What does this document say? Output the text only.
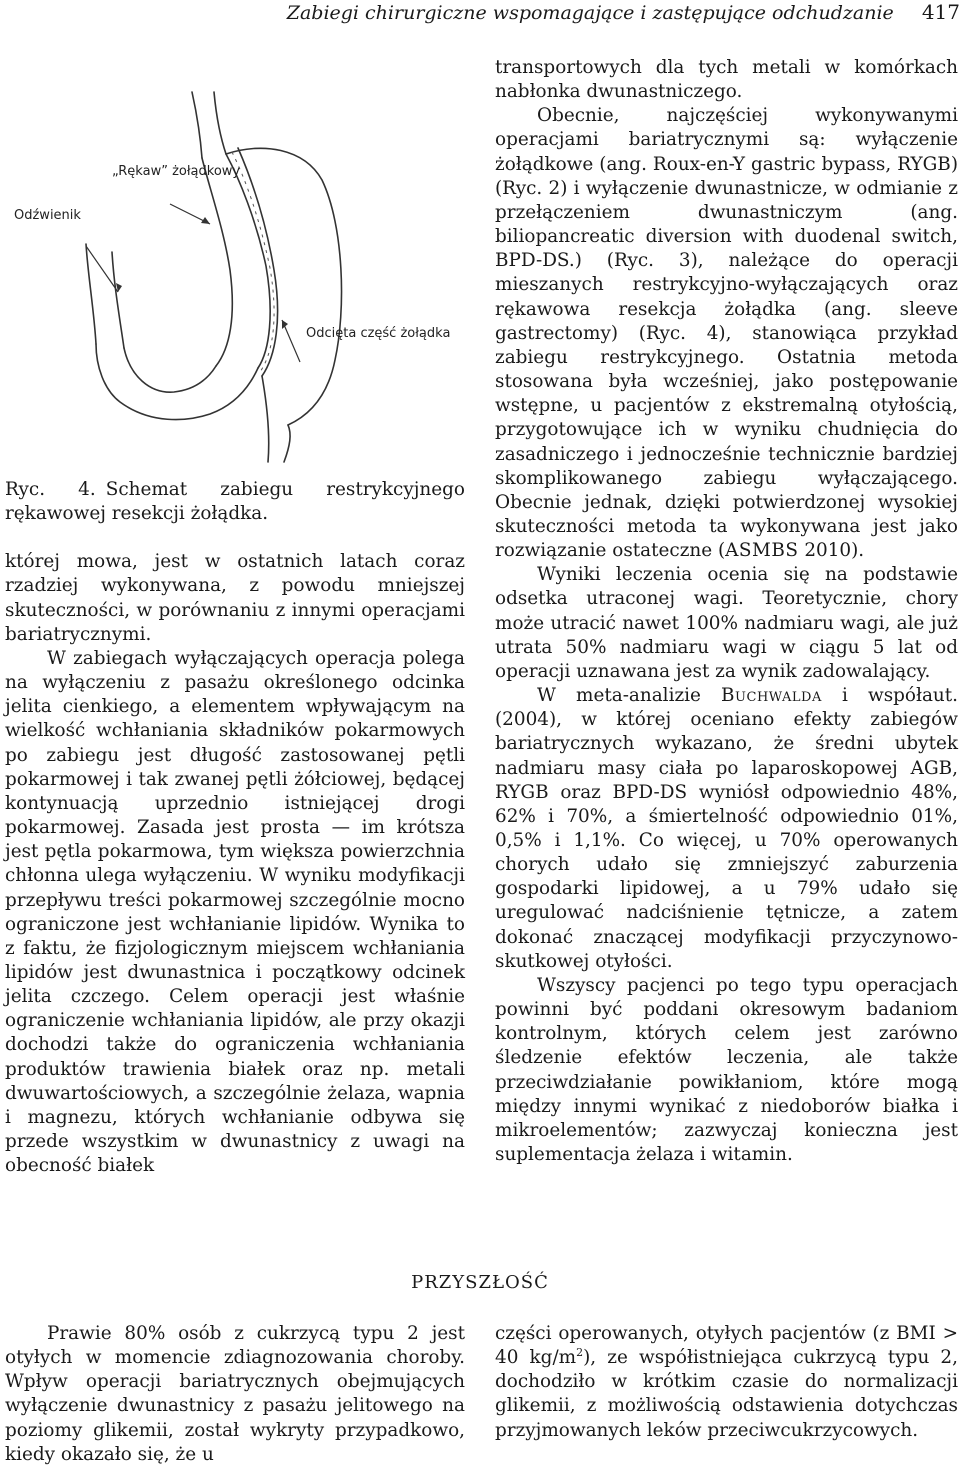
Zabiegi chirurgiczne wspomagające i zastępujące odchudzanie 417
„Rękaw” żołądkowy
Odźwienik
Odcięta część żołądka

Ryc. 4. Schemat zabiegu restrykcyjnego rękawowej resekcji żołądka.

której mowa, jest w ostatnich latach coraz rzadziej wykonywana, z powodu mniejszej skuteczności, w porównaniu z innymi operacjami bariatrycznymi.

W zabiegach wyłączających operacja polega na wyłączeniu z pasażu określonego odcinka jelita cienkiego, a elementem wpływającym na wielkość wchłaniania składników pokarmowych po zabiegu jest długość zastosowanej pętli pokarmowej i tak zwanej pętli żółciowej, będącej kontynuacją uprzednio istniejącej drogi pokarmowej. Zasada jest prosta — im krótsza jest pętla pokarmowa, tym większa powierzchnia chłonna ulega wyłączeniu. W wyniku modyfikacji przepływu treści pokarmowej szczególnie mocno ograniczone jest wchłanianie lipidów. Wynika to z faktu, że fizjologicznym miejscem wchłaniania lipidów jest dwunastnica i początkowy odcinek jelita czczego. Celem operacji jest właśnie ograniczenie wchłaniania lipidów, ale przy okazji dochodzi także do ograniczenia wchłaniania produktów trawienia białek oraz np. metali dwuwartościowych, a szczególnie żelaza, wapnia i magnezu, których wchłanianie odbywa się przede wszystkim w dwunastnicy z uwagi na obecność białek

transportowych dla tych metali w komórkach nabłonka dwunastniczego.

Obecnie, najczęściej wykonywanymi operacjami bariatrycznymi są: wyłączenie żołądkowe (ang. Roux-en-Y gastric bypass, RYGB) (Ryc. 2) i wyłączenie dwunastnicze, w odmianie z przełączeniem dwunastniczym (ang. biliopancreatic diversion with duodenal switch, BPD-DS.) (Ryc. 3), należące do operacji mieszanych restrykcyjno-wyłączających oraz rękawowa resekcja żołądka (ang. sleeve gastrectomy) (Ryc. 4), stanowiąca przykład zabiegu restrykcyjnego. Ostatnia metoda stosowana była wcześniej, jako postępowanie wstępne, u pacjentów z ekstremalną otyłością, przygotowujące ich w wyniku chudnięcia do zasadniczego i jednocześnie technicznie bardziej skomplikowanego zabiegu wyłączającego. Obecnie jednak, dzięki potwierdzonej wysokiej skuteczności metoda ta wykonywana jest jako rozwiązanie ostateczne (ASMBS 2010).

Wyniki leczenia ocenia się na podstawie odsetka utraconej wagi. Teoretycznie, chory może utracić nawet 100% nadmiaru wagi, ale już utrata 50% nadmiaru wagi w ciągu 5 lat od operacji uznawana jest za wynik zadowalający.

W meta-analizie Buchwalda i współaut. (2004), w której oceniano efekty zabiegów bariatrycznych wykazano, że średni ubytek nadmiaru masy ciała po laparoskopowej AGB, RYGB oraz BPD-DS wyniósł odpowiednio 48%, 62% i 70%, a śmiertelność odpowiednio 01%, 0,5% i 1,1%. Co więcej, u 70% operowanych chorych udało się zmniejszyć zaburzenia gospodarki lipidowej, a u 79% udało się uregulować nadciśnienie tętnicze, a zatem dokonać znaczącej modyfikacji przyczynowo-skutkowej otyłości.

Wszyscy pacjenci po tego typu operacjach powinni być poddani okresowym badaniom kontrolnym, których celem jest zarówno śledzenie efektów leczenia, ale także przeciwdziałanie powikłaniom, które mogą między innymi wynikać z niedoborów białka i mikroelementów; zazwyczaj konieczna jest suplementacja żelaza i witamin.

PRZYSZŁOŚĆ

Prawie 80% osób z cukrzycą typu 2 jest otyłych w momencie zdiagnozowania choroby. Wpływ operacji bariatrycznych obejmujących wyłączenie dwunastnicy z pasażu jelitowego na poziomy glikemii, został wykryty przypadkowo, kiedy okazało się, że u

części operowanych, otyłych pacjentów (z BMI > 40 $kg/m^2$), ze współistniejąca cukrzycą typu 2, dochodziło w krótkim czasie do normalizacji glikemii, z możliwością odstawienia dotychczas przyjmowanych leków przeciwcukrzycowych.
